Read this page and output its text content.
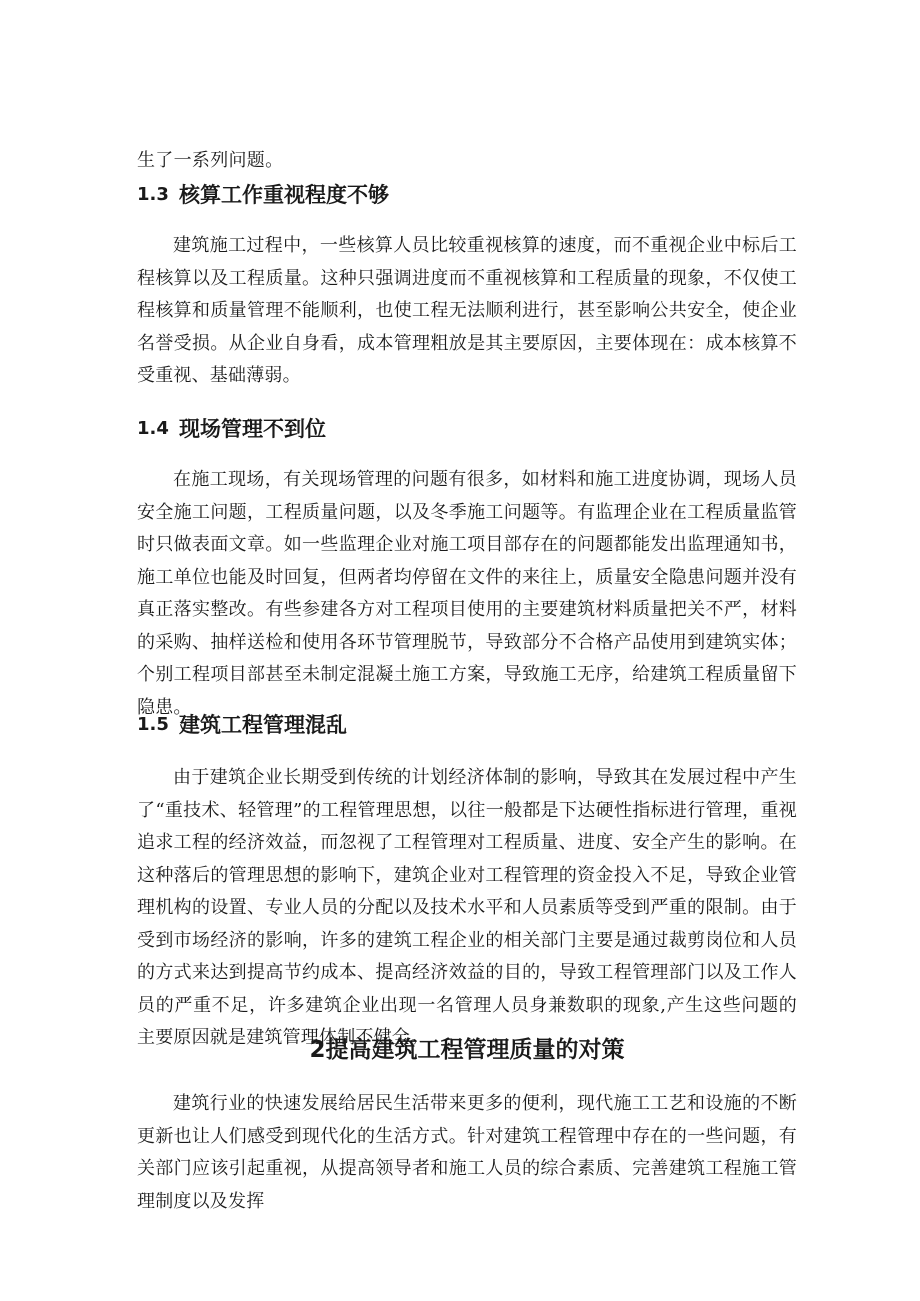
生了一系列问题。

1.3 核算工作重视程度不够

建筑施工过程中，一些核算人员比较重视核算的速度，而不重视企业中标后工程核算以及工程质量。这种只强调进度而不重视核算和工程质量的现象，不仅使工程核算和质量管理不能顺利，也使工程无法顺利进行，甚至影响公共安全，使企业名誉受损。从企业自身看，成本管理粗放是其主要原因，主要体现在：成本核算不受重视、基础薄弱。

1.4 现场管理不到位

在施工现场，有关现场管理的问题有很多，如材料和施工进度协调，现场人员安全施工问题，工程质量问题，以及冬季施工问题等。有监理企业在工程质量监管时只做表面文章。如一些监理企业对施工项目部存在的问题都能发出监理通知书，施工单位也能及时回复，但两者均停留在文件的来往上，质量安全隐患问题并没有真正落实整改。有些参建各方对工程项目使用的主要建筑材料质量把关不严，材料的采购、抽样送检和使用各环节管理脱节，导致部分不合格产品使用到建筑实体；个别工程项目部甚至未制定混凝土施工方案，导致施工无序，给建筑工程质量留下隐患。

1.5 建筑工程管理混乱

由于建筑企业长期受到传统的计划经济体制的影响，导致其在发展过程中产生了“重技术、轻管理”的工程管理思想，以往一般都是下达硬性指标进行管理，重视追求工程的经济效益，而忽视了工程管理对工程质量、进度、安全产生的影响。在这种落后的管理思想的影响下，建筑企业对工程管理的资金投入不足，导致企业管理机构的设置、专业人员的分配以及技术水平和人员素质等受到严重的限制。由于受到市场经济的影响，许多的建筑工程企业的相关部门主要是通过裁剪岗位和人员的方式来达到提高节约成本、提高经济效益的目的，导致工程管理部门以及工作人员的严重不足，许多建筑企业出现一名管理人员身兼数职的现象,产生这些问题的主要原因就是建筑管理体制不健全。

2提高建筑工程管理质量的对策

建筑行业的快速发展给居民生活带来更多的便利，现代施工工艺和设施的不断更新也让人们感受到现代化的生活方式。针对建筑工程管理中存在的一些问题，有关部门应该引起重视，从提高领导者和施工人员的综合素质、完善建筑工程施工管理制度以及发挥
